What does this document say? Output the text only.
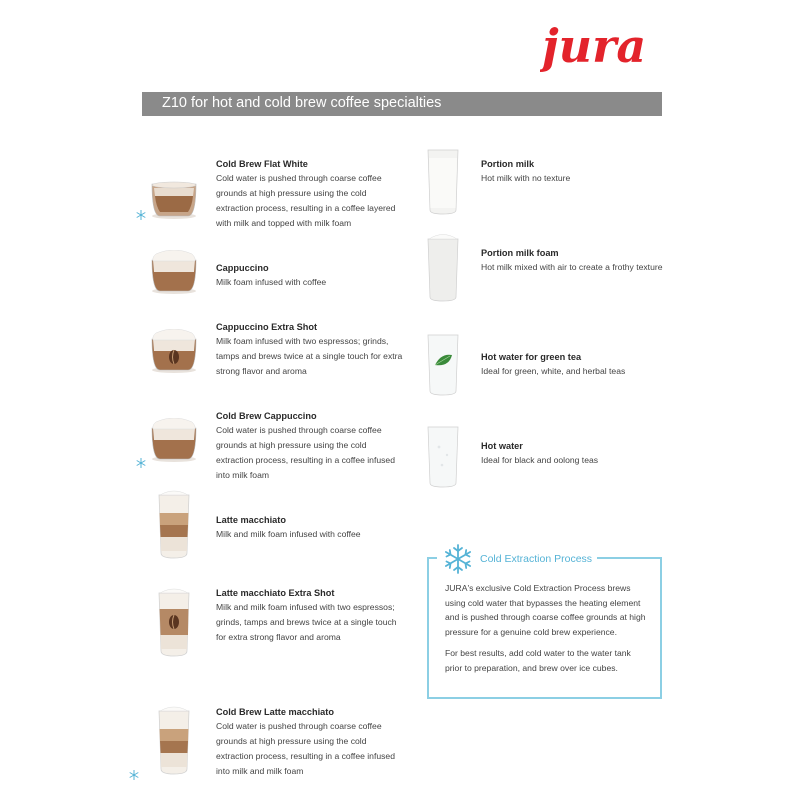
jura
Z10 for hot and cold brew coffee specialties
Cold Brew Flat White

Cold water is pushed through coarse coffee grounds at high pressure using the cold extraction process, resulting in a coffee layered with milk and topped with milk foam

Cappuccino

Milk foam infused with coffee

Cappuccino Extra Shot

Milk foam infused with two espressos; grinds, tamps and brews twice at a single touch for extra strong flavor and aroma

Cold Brew Cappuccino

Cold water is pushed through coarse coffee grounds at high pressure using the cold extraction process, resulting in a coffee infused into milk foam

Latte macchiato

Milk and milk foam infused with coffee

Latte macchiato Extra Shot

Milk and milk foam infused with two espressos; grinds, tamps and brews twice at a single touch for extra strong flavor and aroma

Cold Brew Latte macchiato

Cold water is pushed through coarse coffee grounds at high pressure using the cold extraction process, resulting in a coffee infused into milk and milk foam

Portion milk

Hot milk with no texture

Portion milk foam

Hot milk mixed with air to create a frothy texture

Hot water for green tea

Ideal for green, white, and herbal teas

Hot water

Ideal for black and oolong teas

Cold Extraction Process

JURA's exclusive Cold Extraction Process brews using cold water that bypasses the heating element and is pushed through coarse coffee grounds at high pressure for a genuine cold brew experience.

For best results, add cold water to the water tank prior to preparation, and brew over ice cubes.
